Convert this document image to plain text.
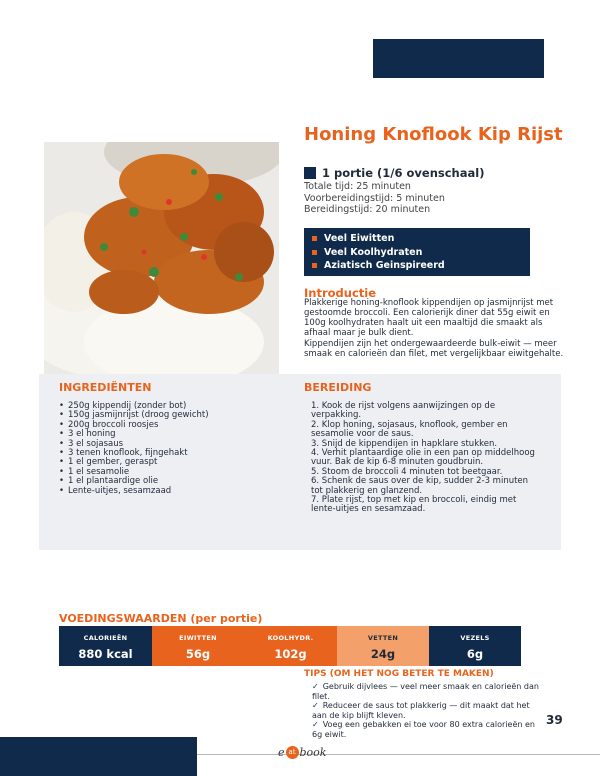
Honing Knoflook Kip Rijst
1 portie (1/6 ovenschaal)
Totale tijd: 25 minuten
Voorbereidingstijd: 5 minuten
Bereidingstijd: 20 minuten
Veel Eiwitten
Veel Koolhydraten
Aziatisch Geinspireerd
Introductie
Plakkerige honing-knoflook kippendijen op jasmijnrijst met gestoomde broccoli. Een calorierijk diner dat 55g eiwit en 100g koolhydraten haalt uit een maaltijd die smaakt als afhaal maar je bulk dient.
Kippendijen zijn het ondergewaardeerde bulk-eiwit — meer smaak en calorieën dan filet, met vergelijkbaar eiwitgehalte.
INGREDIËNTEN
• 250g kippendij (zonder bot)
• 150g jasmijnrijst (droog gewicht)
• 200g broccoli roosjes
• 3 el honing
• 3 el sojasaus
• 3 tenen knoflook, fijngehakt
• 1 el gember, geraspt
• 1 el sesamolie
• 1 el plantaardige olie
• Lente-uitjes, sesamzaad
BEREIDING
1. Kook de rijst volgens aanwijzingen op de verpakking.
2. Klop honing, sojasaus, knoflook, gember en sesamolie voor de saus.
3. Snijd de kippendijen in hapklare stukken.
4. Verhit plantaardige olie in een pan op middelhoog vuur. Bak de kip 6-8 minuten goudbruin.
5. Stoom de broccoli 4 minuten tot beetgaar.
6. Schenk de saus over de kip, sudder 2-3 minuten tot plakkerig en glanzend.
7. Plate rijst, top met kip en broccoli, eindig met lente-uitjes en sesamzaad.
VOEDINGSWAARDEN (per portie)
CALORIEËN
880 kcal
EIWITTEN
56g
KOOLHYDR.
102g
VETTEN
24g
VEZELS
6g
TIPS (OM HET NOG BETER TE MAKEN)
✓ Gebruik dijvlees — veel meer smaak en calorieën dan filet.
✓ Reduceer de saus tot plakkerig — dit maakt dat het aan de kip blijft kleven.
✓ Voeg een gebakken ei toe voor 80 extra calorieën en 6g eiwit.
39
e at book
